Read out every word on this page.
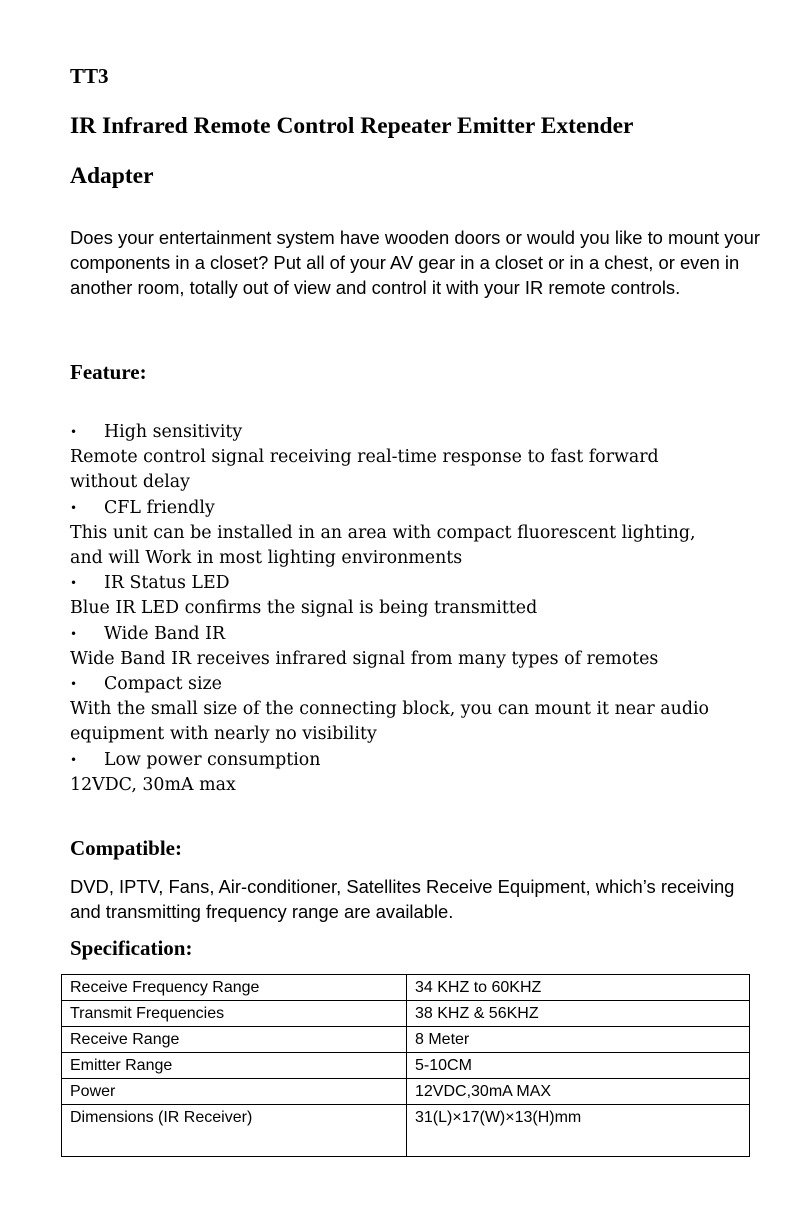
TT3
IR Infrared Remote Control Repeater Emitter Extender
Adapter

Does your entertainment system have wooden doors or would you like to mount your components in a closet? Put all of your AV gear in a closet or in a chest, or even in another room, totally out of view and control it with your IR remote controls.

Feature:
• High sensitivity
Remote control signal receiving real-time response to fast forward
without delay
• CFL friendly
This unit can be installed in an area with compact fluorescent lighting,
and will Work in most lighting environments
• IR Status LED
Blue IR LED confirms the signal is being transmitted
• Wide Band IR
Wide Band IR receives infrared signal from many types of remotes
• Compact size
With the small size of the connecting block, you can mount it near audio
equipment with nearly no visibility
• Low power consumption
12VDC, 30mA max
Compatible:

DVD, IPTV, Fans, Air-conditioner, Satellites Receive Equipment, which’s receiving and transmitting frequency range are available.

Specification:
Receive Frequency Range	34 KHZ to 60KHZ
Transmit Frequencies	38 KHZ & 56KHZ
Receive Range	8 Meter
Emitter Range	5-10CM
Power	12VDC,30mA MAX
Dimensions (IR Receiver)	31(L)×17(W)×13(H)mm
